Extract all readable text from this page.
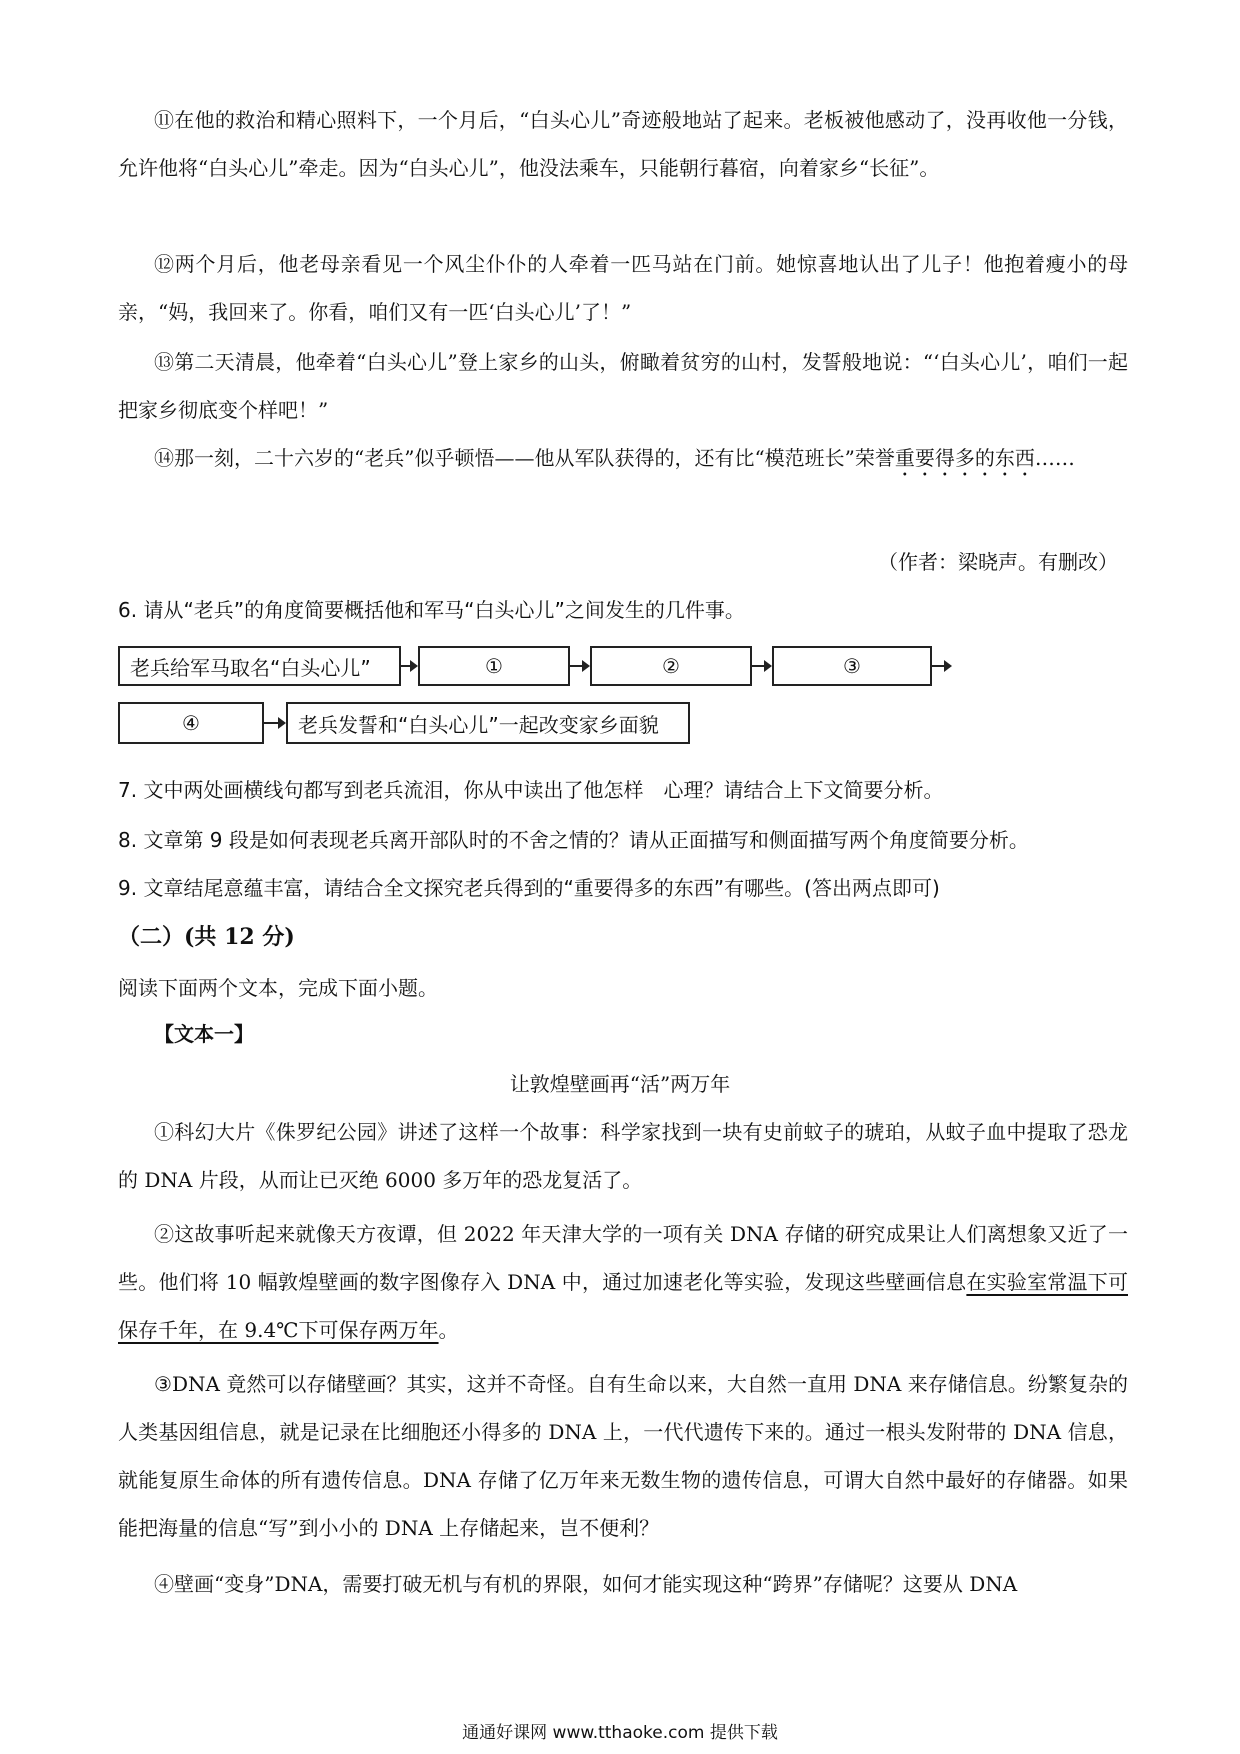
⑪在他的救治和精心照料下，一个月后，“白头心儿”奇迹般地站了起来。老板被他感动了，没再收他一分钱，允许他将“白头心儿”牵走。因为“白头心儿”，他没法乘车，只能朝行暮宿，向着家乡“长征”。

⑫两个月后，他老母亲看见一个风尘仆仆的人牵着一匹马站在门前。她惊喜地认出了儿子！他抱着瘦小的母亲，“妈，我回来了。你看，咱们又有一匹‘白头心儿’了！”

⑬第二天清晨，他牵着“白头心儿”登上家乡的山头，俯瞰着贫穷的山村，发誓般地说：“‘白头心儿’，咱们一起把家乡彻底变个样吧！”

⑭那一刻，二十六岁的“老兵”似乎顿悟——他从军队获得的，还有比“模范班长”荣誉重要得多的东西……

（作者：梁晓声。有删改）

6. 请从“老兵”的角度简要概括他和军马“白头心儿”之间发生的几件事。

老兵给军马取名“白头心儿”	①	②	③
④	老兵发誓和“白头心儿”一起改变家乡面貌

7. 文中两处画横线句都写到老兵流泪，你从中读出了他怎样　心理？请结合上下文简要分析。

8. 文章第 9 段是如何表现老兵离开部队时的不舍之情的？请从正面描写和侧面描写两个角度简要分析。

9. 文章结尾意蕴丰富，请结合全文探究老兵得到的“重要得多的东西”有哪些。(答出两点即可)

（二）(共 12 分)

阅读下面两个文本，完成下面小题。

【文本一】

让敦煌壁画再“活”两万年

①科幻大片《侏罗纪公园》讲述了这样一个故事：科学家找到一块有史前蚊子的琥珀，从蚊子血中提取了恐龙的 DNA 片段，从而让已灭绝 6000 多万年的恐龙复活了。

②这故事听起来就像天方夜谭，但 2022 年天津大学的一项有关 DNA 存储的研究成果让人们离想象又近了一些。他们将 10 幅敦煌壁画的数字图像存入 DNA 中，通过加速老化等实验，发现这些壁画信息在实验室常温下可保存千年，在 9.4℃下可保存两万年。

③DNA 竟然可以存储壁画？其实，这并不奇怪。自有生命以来，大自然一直用 DNA 来存储信息。纷繁复杂的人类基因组信息，就是记录在比细胞还小得多的 DNA 上，一代代遗传下来的。通过一根头发附带的 DNA 信息，就能复原生命体的所有遗传信息。DNA 存储了亿万年来无数生物的遗传信息，可谓大自然中最好的存储器。如果能把海量的信息“写”到小小的 DNA 上存储起来，岂不便利？

④壁画“变身”DNA，需要打破无机与有机的界限，如何才能实现这种“跨界”存储呢？这要从 DNA

通通好课网 www.tthaoke.com 提供下载
